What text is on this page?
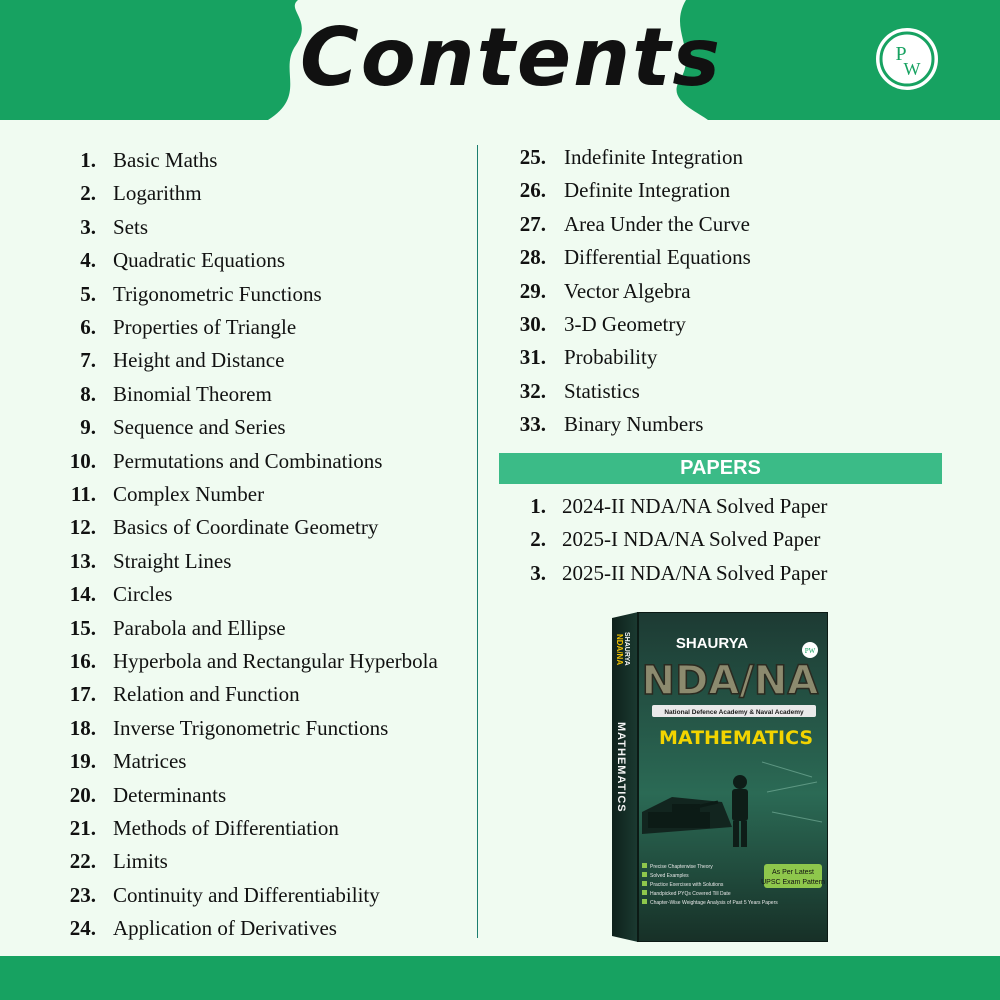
Contents	P
W
1. Basic Maths
2. Logarithm
3. Sets
4. Quadratic Equations
5. Trigonometric Functions
6. Properties of Triangle
7. Height and Distance
8. Binomial Theorem
9. Sequence and Series
10. Permutations and Combinations
11. Complex Number
12. Basics of Coordinate Geometry
13. Straight Lines
14. Circles
15. Parabola and Ellipse
16. Hyperbola and Rectangular Hyperbola
17. Relation and Function
18. Inverse Trigonometric Functions
19. Matrices
20. Determinants
21. Methods of Differentiation
22. Limits
23. Continuity and Differentiability
24. Application of Derivatives
25. Indefinite Integration
26. Definite Integration
27. Area Under the Curve
28. Differential Equations
29. Vector Algebra
30. 3-D Geometry
31. Probability
32. Statistics
33. Binary Numbers
PAPERS
1. 2024-II NDA/NA Solved Paper
2. 2025-I NDA/NA Solved Paper
3. 2025-II NDA/NA Solved Paper
SHAURYA
NDA/NA
MATHEMATICS
SHAURYA	PW
NDA/NA
National Defence Academy & Naval Academy
MATHEMATICS
As Per Latest
UPSC Exam Pattern
Precise Chapterwise Theory
Solved Examples
Practice Exercises with Solutions
Handpicked PYQs Covered Till Date
Chapter-Wise Weightage Analysis of Past 5 Years Papers
